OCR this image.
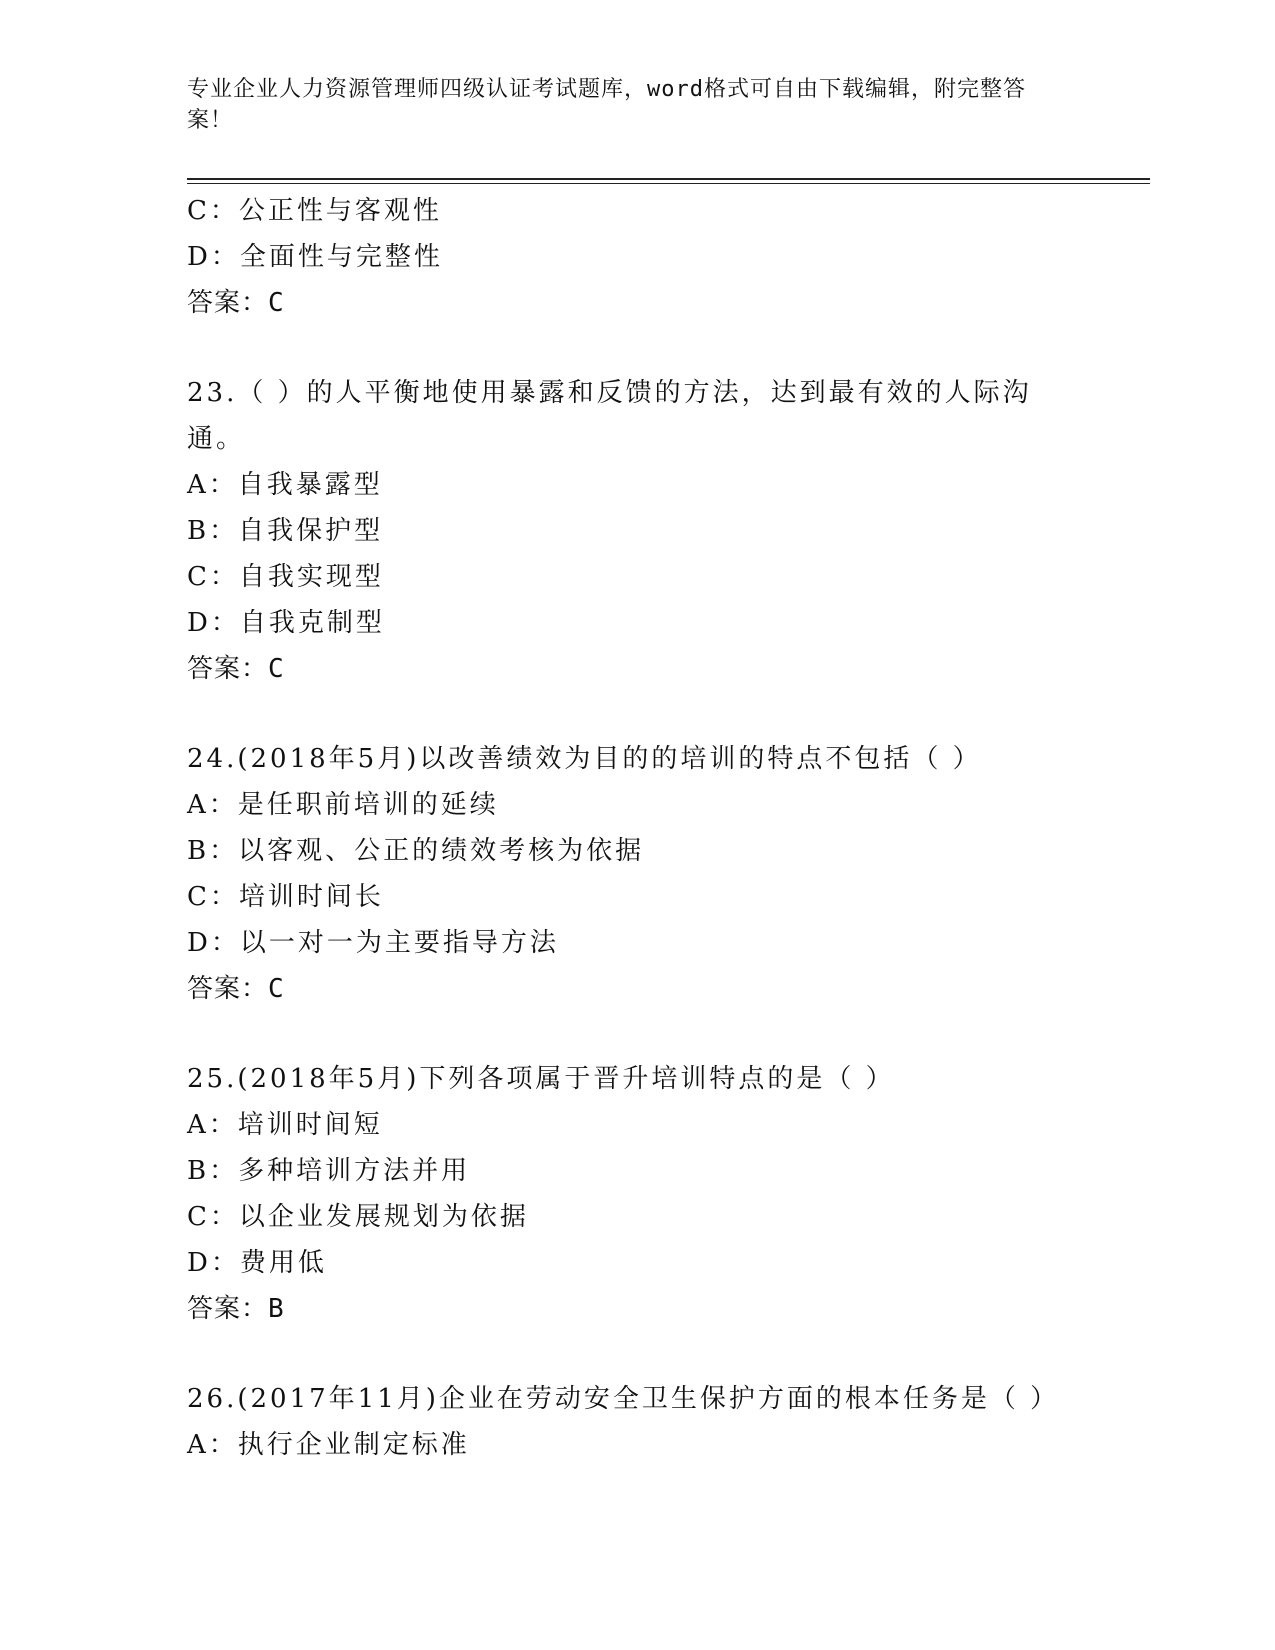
专业企业人力资源管理师四级认证考试题库，word格式可自由下载编辑，附完整答案！
C：公正性与客观性
D：全面性与完整性
答案：C
23.（ ）的人平衡地使用暴露和反馈的方法，达到最有效的人际沟通。
A：自我暴露型
B：自我保护型
C：自我实现型
D：自我克制型
答案：C
24.(2018年5月)以改善绩效为目的的培训的特点不包括（ ）
A：是任职前培训的延续
B：以客观、公正的绩效考核为依据
C：培训时间长
D：以一对一为主要指导方法
答案：C
25.(2018年5月)下列各项属于晋升培训特点的是（ ）
A：培训时间短
B：多种培训方法并用
C：以企业发展规划为依据
D：费用低
答案：B
26.(2017年11月)企业在劳动安全卫生保护方面的根本任务是（ ）
A：执行企业制定标准
